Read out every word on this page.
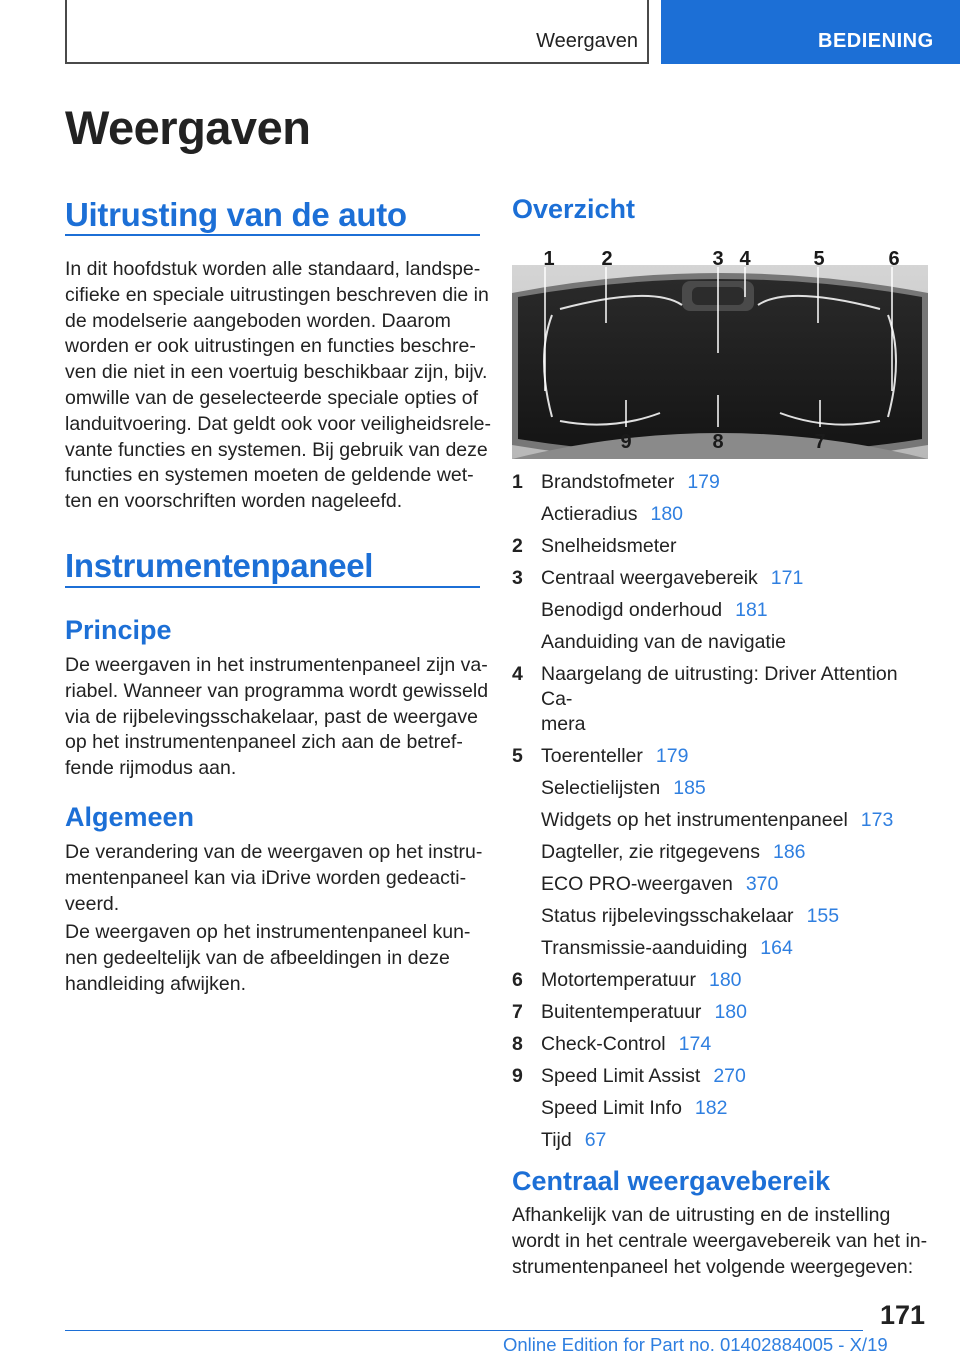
Weergaven	BEDIENING
Weergaven
Uitrusting van de auto
In dit hoofdstuk worden alle standaard, landspe-
cifieke en speciale uitrustingen beschreven die in
de modelserie aangeboden worden. Daarom
worden er ook uitrustingen en functies beschre-
ven die niet in een voertuig beschikbaar zijn, bijv.
omwille van de geselecteerde speciale opties of
landuitvoering. Dat geldt ook voor veiligheidsrele-
vante functies en systemen. Bij gebruik van deze
functies en systemen moeten de geldende wet-
ten en voorschriften worden nageleefd.
Instrumentenpaneel
Principe
De weergaven in het instrumentenpaneel zijn va-
riabel. Wanneer van programma wordt gewisseld
via de rijbelevingsschakelaar, past de weergave
op het instrumentenpaneel zich aan de betref-
fende rijmodus aan.
Algemeen
De verandering van de weergaven op het instru-
mentenpaneel kan via iDrive worden gedeacti-
veerd.
De weergaven op het instrumentenpaneel kun-
nen gedeeltelijk van de afbeeldingen in deze
handleiding afwijken.
Overzicht
1 2	3 4	5	6
9	8	7
1 Brandstofmeter 179
Actieradius 180
2 Snelheidsmeter
3 Centraal weergavebereik 171
Benodigd onderhoud 181
Aanduiding van de navigatie
4 Naargelang de uitrusting: Driver Attention Ca-
mera
5 Toerenteller 179
Selectielijsten 185
Widgets op het instrumentenpaneel 173
Dagteller, zie ritgegevens 186
ECO PRO-weergaven 370
Status rijbelevingsschakelaar 155
Transmissie-aanduiding 164
6 Motortemperatuur 180
7 Buitentemperatuur 180
8 Check-Control 174
9 Speed Limit Assist 270
Speed Limit Info 182
Tijd 67
Centraal weergavebereik
Afhankelijk van de uitrusting en de instelling
wordt in het centrale weergavebereik van het in-
strumentenpaneel het volgende weergegeven:
171
Online Edition for Part no. 01402884005 - X/19
